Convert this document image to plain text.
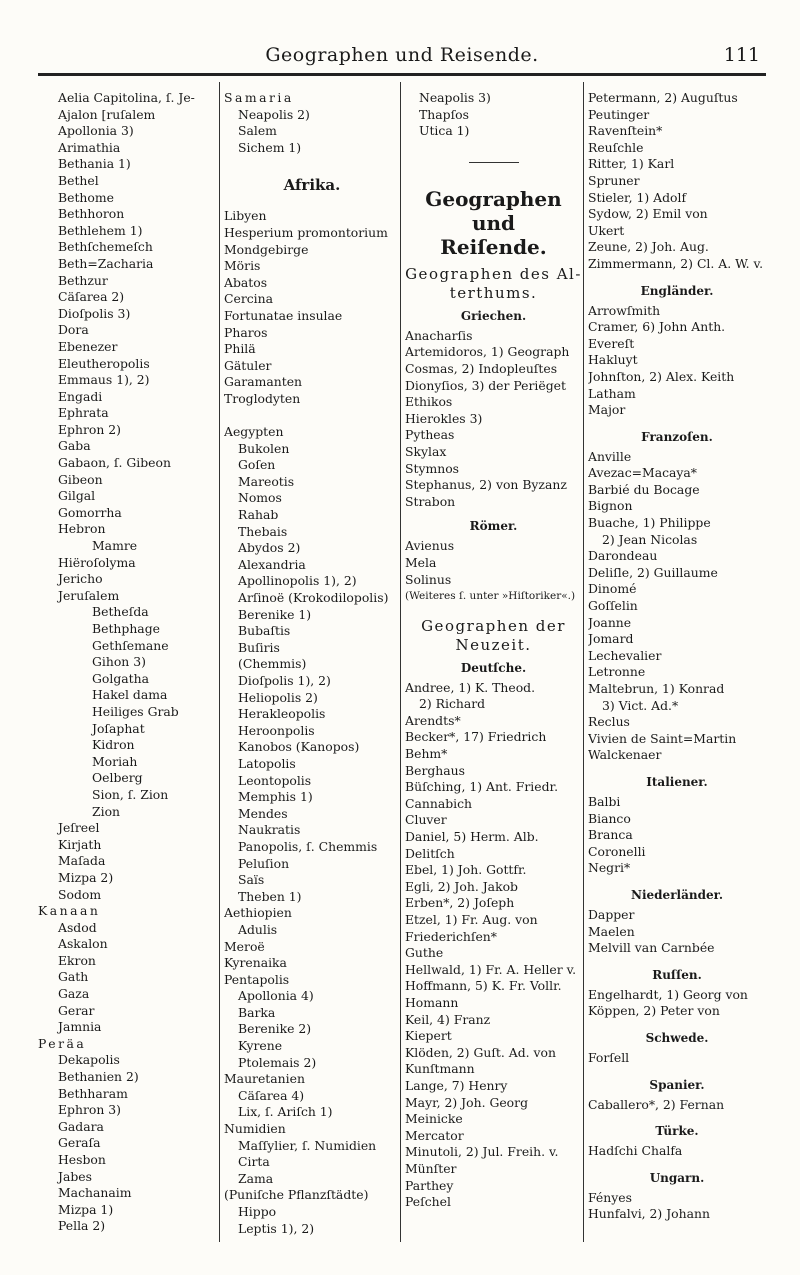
Geographen und Reisende.	111
Aelia Capitolina, ſ. Je-
Ajalon [ruſalem
Apollonia 3)
Arimathia
Bethania 1)
Bethel
Bethome
Bethhoron
Bethlehem 1)
Bethſchemeſch
Beth=Zacharia
Bethzur
Cäſarea 2)
Dioſpolis 3)
Dora
Ebenezer
Eleutheropolis
Emmaus 1), 2)
Engadi
Ephrata
Ephron 2)
Gaba
Gabaon, ſ. Gibeon
Gibeon
Gilgal
Gomorrha
Hebron
Mamre
Hiëroſolyma
Jericho
Jeruſalem
Betheſda
Bethphage
Gethſemane
Gihon 3)
Golgatha
Hakel dama
Heiliges Grab
Joſaphat
Kidron
Moriah
Oelberg
Sion, ſ. Zion
Zion
Jeſreel
Kirjath
Maſada
Mizpa 2)
Sodom
Kanaan
Asdod
Askalon
Ekron
Gath
Gaza
Gerar
Jamnia
Peräa
Dekapolis
Bethanien 2)
Bethharam
Ephron 3)
Gadara
Geraſa
Hesbon
Jabes
Machanaim
Mizpa 1)
Pella 2)
Samaria
Neapolis 2)
Salem
Sichem 1)
Afrika.
Libyen
Hesperium promontorium
Mondgebirge
Möris
Abatos
Cercina
Fortunatae insulae
Pharos
Philä
Gätuler
Garamanten
Troglodyten

Aegypten
Bukolen
Goſen
Mareotis
Nomos
Rahab
Thebais
Abydos 2)
Alexandria
Apollinopolis 1), 2)
Arſinoë (Krokodilopolis)
Berenike 1)
Bubaſtis
Buſiris
(Chemmis)
Dioſpolis 1), 2)
Heliopolis 2)
Herakleopolis
Heroonpolis
Kanobos (Kanopos)
Latopolis
Leontopolis
Memphis 1)
Mendes
Naukratis
Panopolis, ſ. Chemmis
Peluſion
Saïs
Theben 1)
Aethiopien
Adulis
Meroë
Kyrenaika
Pentapolis
Apollonia 4)
Barka
Berenike 2)
Kyrene
Ptolemais 2)
Mauretanien
Cäſarea 4)
Lix, ſ. Ariſch 1)
Numidien
Maſſylier, ſ. Numidien
Cirta
Zama
(Puniſche Pflanzſtädte)
Hippo
Leptis 1), 2)
Neapolis 3)
Thapſos
Utica 1)
Geographen und
Reiſende.
Geographen des Al-
terthums.
Griechen.
Anacharſis
Artemidoros, 1) Geograph
Cosmas, 2) Indopleuſtes
Dionyſios, 3) der Periëget
Ethikos
Hierokles 3)
Pytheas
Skylax
Stymnos
Stephanus, 2) von Byzanz
Strabon
Römer.
Avienus
Mela
Solinus
(Weiteres ſ. unter »Hiſtoriker«.)
Geographen der
Neuzeit.
Deutſche.
Andree, 1) K. Theod.
2) Richard
Arendts*
Becker*, 17) Friedrich
Behm*
Berghaus
Büſching, 1) Ant. Friedr.
Cannabich
Cluver
Daniel, 5) Herm. Alb.
Delitſch
Ebel, 1) Joh. Gottfr.
Egli, 2) Joh. Jakob
Erben*, 2) Joſeph
Etzel, 1) Fr. Aug. von
Friederichſen*
Guthe
Hellwald, 1) Fr. A. Heller v.
Hoffmann, 5) K. Fr. Vollr.
Homann
Keil, 4) Franz
Kiepert
Klöden, 2) Guſt. Ad. von
Kunſtmann
Lange, 7) Henry
Mayr, 2) Joh. Georg
Meinicke
Mercator
Minutoli, 2) Jul. Freih. v.
Münſter
Parthey
Peſchel
Petermann, 2) Auguſtus
Peutinger
Ravenſtein*
Reuſchle
Ritter, 1) Karl
Spruner
Stieler, 1) Adolf
Sydow, 2) Emil von
Ukert
Zeune, 2) Joh. Aug.
Zimmermann, 2) Cl. A. W. v.
Engländer.
Arrowſmith
Cramer, 6) John Anth.
Evereſt
Hakluyt
Johnſton, 2) Alex. Keith
Latham
Major
Franzoſen.
Anville
Avezac=Macaya*
Barbié du Bocage
Bignon
Buache, 1) Philippe
2) Jean Nicolas
Darondeau
Deliſle, 2) Guillaume
Dinomé
Goſſelin
Joanne
Jomard
Lechevalier
Letronne
Maltebrun, 1) Konrad
3) Vict. Ad.*
Reclus
Vivien de Saint=Martin
Walckenaer
Italiener.
Balbi
Bianco
Branca
Coronelli
Negri*
Niederländer.
Dapper
Maelen
Melvill van Carnbée
Ruſſen.
Engelhardt, 1) Georg von
Köppen, 2) Peter von
Schwede.
Forſell
Spanier.
Caballero*, 2) Fernan
Türke.
Hadſchi Chalfa
Ungarn.
Fényes
Hunfalvi, 2) Johann
